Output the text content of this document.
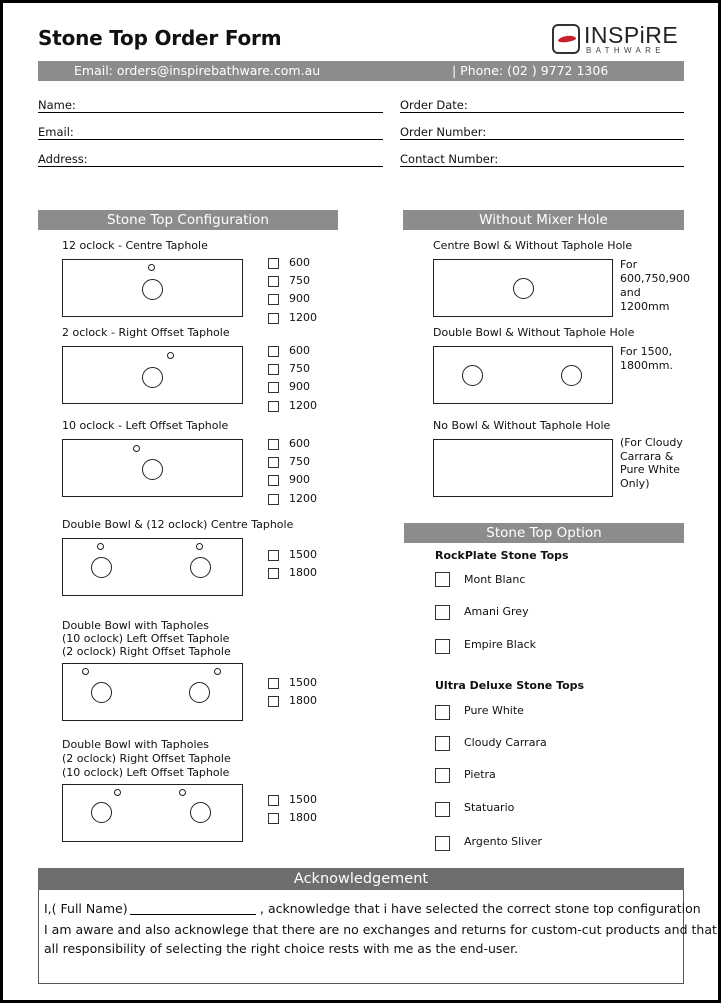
Stone Top Order Form	INSPiRE
BATHWARE
Email: orders@inspirebathware.com.au	| Phone: (02 ) 9772 1306
Name:	Order Date:
Email:	Order Number:
Address:	Contact Number:
Stone Top Configuration
12 oclock - Centre Taphole
600
750
900
1200
2 oclock - Right Offset Taphole
600
750
900
1200
10 oclock - Left Offset Taphole
600
750
900
1200
Double Bowl & (12 oclock) Centre Taphole
1500
1800
Double Bowl with Tapholes
(10 oclock) Left Offset Taphole
(2 oclock) Right Offset Taphole
1500
1800
Double Bowl with Tapholes
(2 oclock) Right Offset Taphole
(10 oclock) Left Offset Taphole
1500
1800
Without Mixer Hole
Centre Bowl & Without Taphole Hole
For
600,750,900
and
1200mm
Double Bowl & Without Taphole Hole
For 1500,
1800mm.
No Bowl & Without Taphole Hole
(For Cloudy
Carrara &
Pure White
Only)
Stone Top Option
RockPlate Stone Tops
Mont Blanc
Amani Grey
Empire Black
Ultra Deluxe Stone Tops
Pure White
Cloudy Carrara
Pietra
Statuario
Argento Sliver
Acknowledgement
I,( Full Name)	, acknowledge that i have selected the correct stone top configuration
I am aware and also acknowlege that there are no exchanges and returns for custom-cut products and that
all responsibility of selecting the right choice rests with me as the end-user.
